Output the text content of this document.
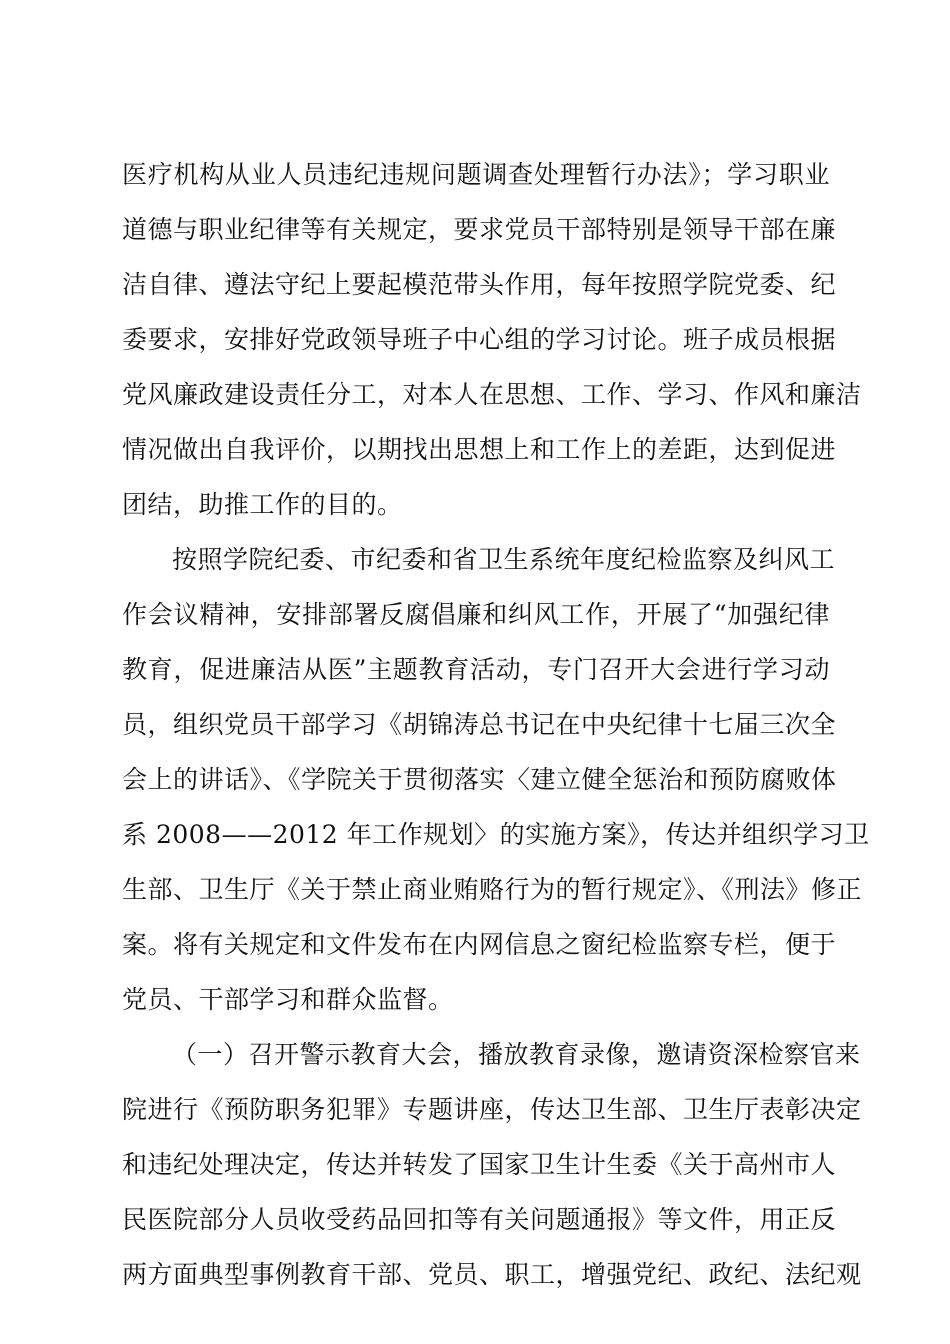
医疗机构从业人员违纪违规问题调查处理暂行办法》；学习职业
道德与职业纪律等有关规定，要求党员干部特别是领导干部在廉
洁自律、遵法守纪上要起模范带头作用，每年按照学院党委、纪
委要求，安排好党政领导班子中心组的学习讨论。班子成员根据
党风廉政建设责任分工，对本人在思想、工作、学习、作风和廉洁
情况做出自我评价，以期找出思想上和工作上的差距，达到促进
团结，助推工作的目的。
按照学院纪委、市纪委和省卫生系统年度纪检监察及纠风工
作会议精神，安排部署反腐倡廉和纠风工作，开展了“加强纪律
教育，促进廉洁从医”主题教育活动，专门召开大会进行学习动
员，组织党员干部学习《胡锦涛总书记在中央纪律十七届三次全
会上的讲话》、《学院关于贯彻落实〈建立健全惩治和预防腐败体
系 2008——2012 年工作规划〉的实施方案》，传达并组织学习卫
生部、卫生厅《关于禁止商业贿赂行为的暂行规定》、《刑法》修正
案。将有关规定和文件发布在内网信息之窗纪检监察专栏，便于
党员、干部学习和群众监督。
（一）召开警示教育大会，播放教育录像，邀请资深检察官来
院进行《预防职务犯罪》专题讲座，传达卫生部、卫生厅表彰决定
和违纪处理决定，传达并转发了国家卫生计生委《关于高州市人
民医院部分人员收受药品回扣等有关问题通报》等文件，用正反
两方面典型事例教育干部、党员、职工，增强党纪、政纪、法纪观
